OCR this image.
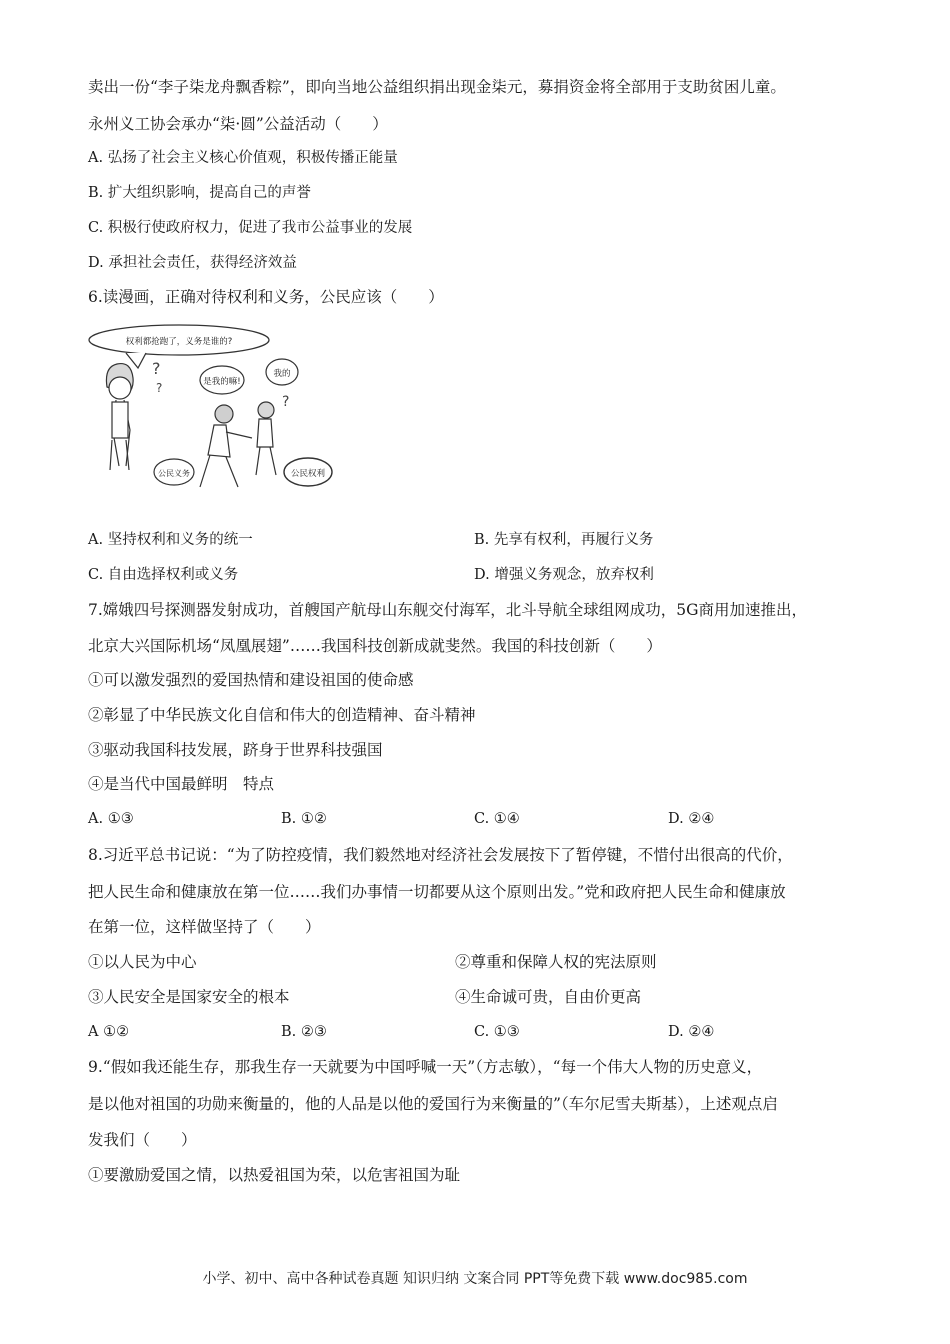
卖出一份“李子柒龙舟飘香粽”，即向当地公益组织捐出现金柒元，募捐资金将全部用于支助贫困儿童。
永州义工协会承办“柒·圆”公益活动（　　）
A. 弘扬了社会主义核心价值观，积极传播正能量
B. 扩大组织影响，提高自己的声誉
C. 积极行使政府权力，促进了我市公益事业的发展
D. 承担社会责任，获得经济效益
6.读漫画，正确对待权利和义务，公民应该（　　）
权利都抢跑了，义务是谁的?
?
?	是我的嘛!
我的
?
公民义务	公民权利
A. 坚持权利和义务的统一	B. 先享有权利，再履行义务
C. 自由选择权利或义务	D. 增强义务观念，放弃权利
7.嫦娥四号探测器发射成功，首艘国产航母山东舰交付海军，北斗导航全球组网成功，5G商用加速推出，
北京大兴国际机场“凤凰展翅”……我国科技创新成就斐然。我国的科技创新（　　）
①可以激发强烈的爱国热情和建设祖国的使命感
②彰显了中华民族文化自信和伟大的创造精神、奋斗精神
③驱动我国科技发展，跻身于世界科技强国
④是当代中国最鲜明　特点
A. ①③	B. ①②	C. ①④	D. ②④
8.习近平总书记说：“为了防控疫情，我们毅然地对经济社会发展按下了暂停键，不惜付出很高的代价，
把人民生命和健康放在第一位……我们办事情一切都要从这个原则出发。”党和政府把人民生命和健康放
在第一位，这样做坚持了（　　）
①以人民为中心	②尊重和保障人权的宪法原则
③人民安全是国家安全的根本	④生命诚可贵，自由价更高
A ①②	B. ②③	C. ①③	D. ②④
9.“假如我还能生存，那我生存一天就要为中国呼喊一天”（方志敏），“每一个伟大人物的历史意义，
是以他对祖国的功勋来衡量的，他的人品是以他的爱国行为来衡量的”（车尔尼雪夫斯基），上述观点启
发我们（　　）
①要激励爱国之情，以热爱祖国为荣，以危害祖国为耻
小学、初中、高中各种试卷真题 知识归纳 文案合同 PPT等免费下载 www.doc985.com
